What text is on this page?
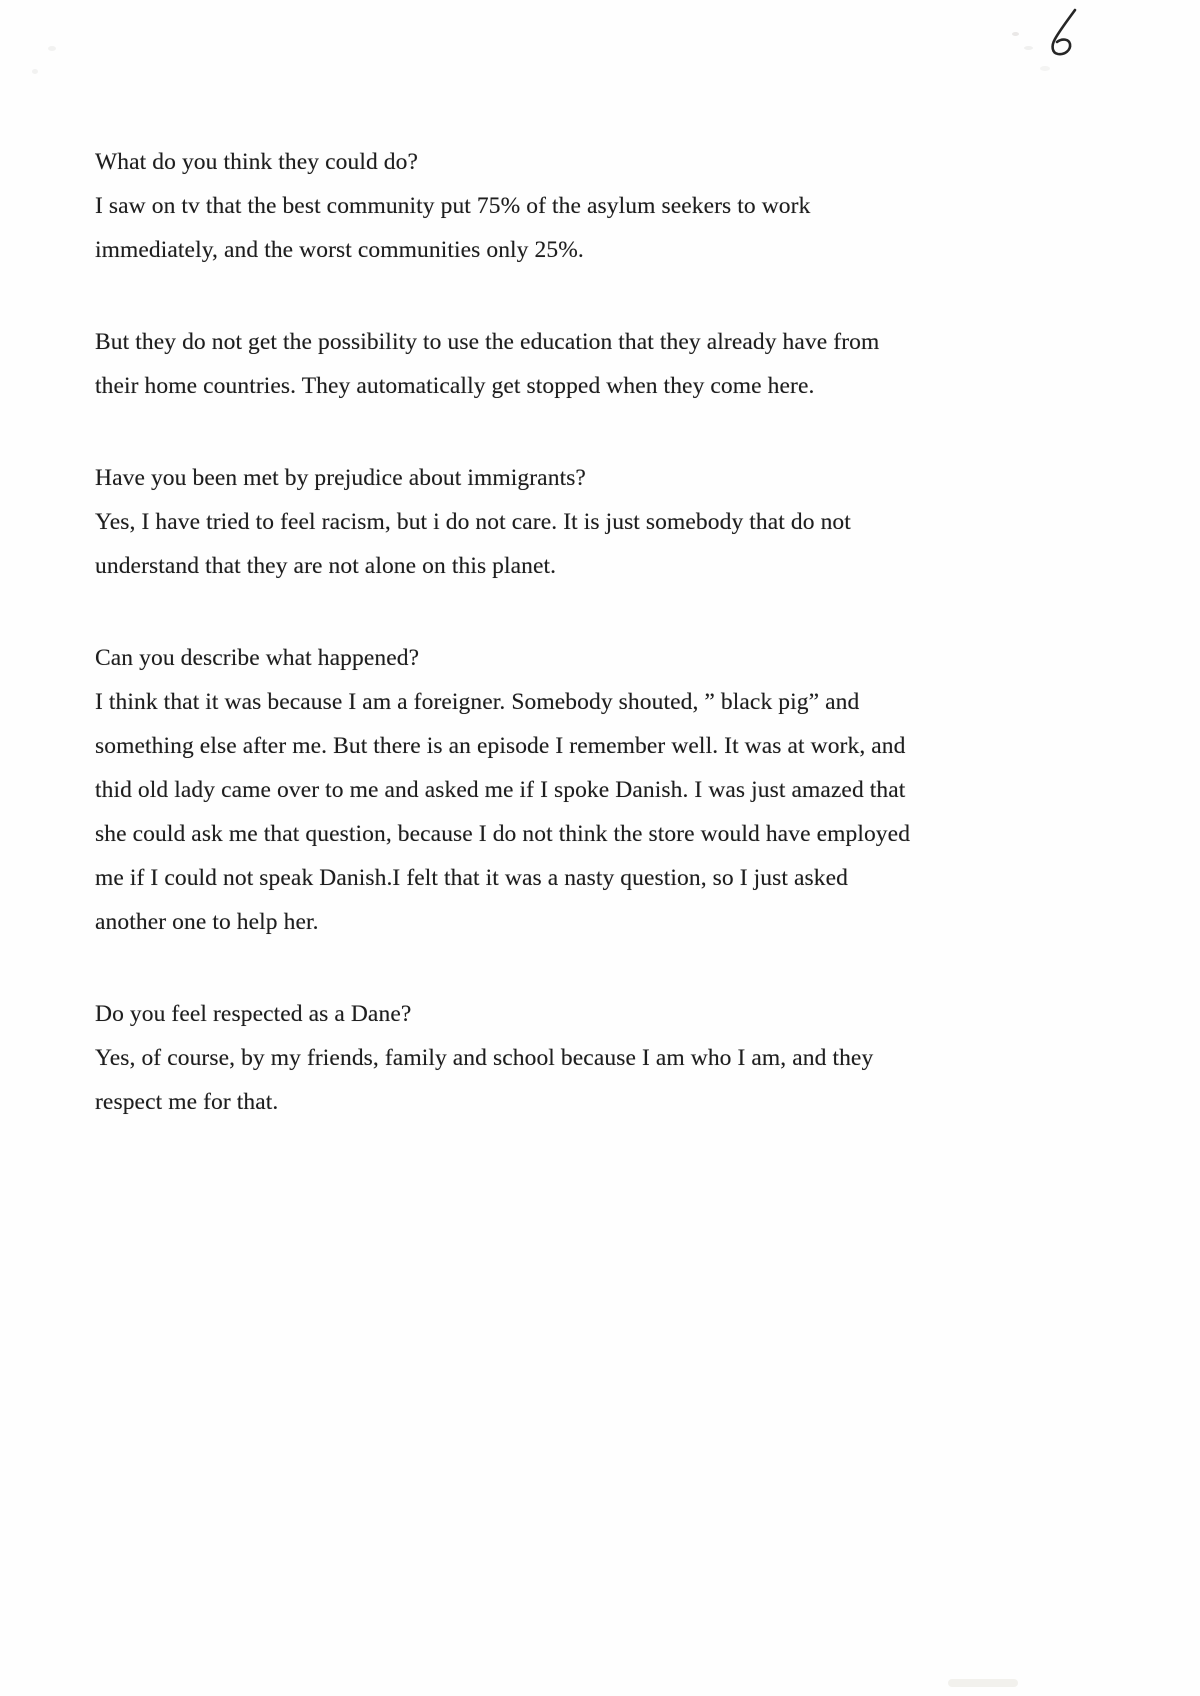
What do you think they could do?
I saw on tv that the best community put 75% of the asylum seekers to work
immediately, and the worst communities only 25%.
But they do not get the possibility to use the education that they already have from
their home countries. They automatically get stopped when they come here.
Have you been met by prejudice about immigrants?
Yes, I have tried to feel racism, but i do not care. It is just somebody that do not
understand that they are not alone on this planet.
Can you describe what happened?
I think that it was because I am a foreigner. Somebody shouted, ” black pig” and
something else after me. But there is an episode I remember well. It was at work, and
thid old lady came over to me and asked me if I spoke Danish. I was just amazed that
she could ask me that question, because I do not think the store would have employed
me if I could not speak Danish.I felt that it was a nasty question, so I just asked
another one to help her.
Do you feel respected as a Dane?
Yes, of course, by my friends, family and school because I am who I am, and they
respect me for that.
